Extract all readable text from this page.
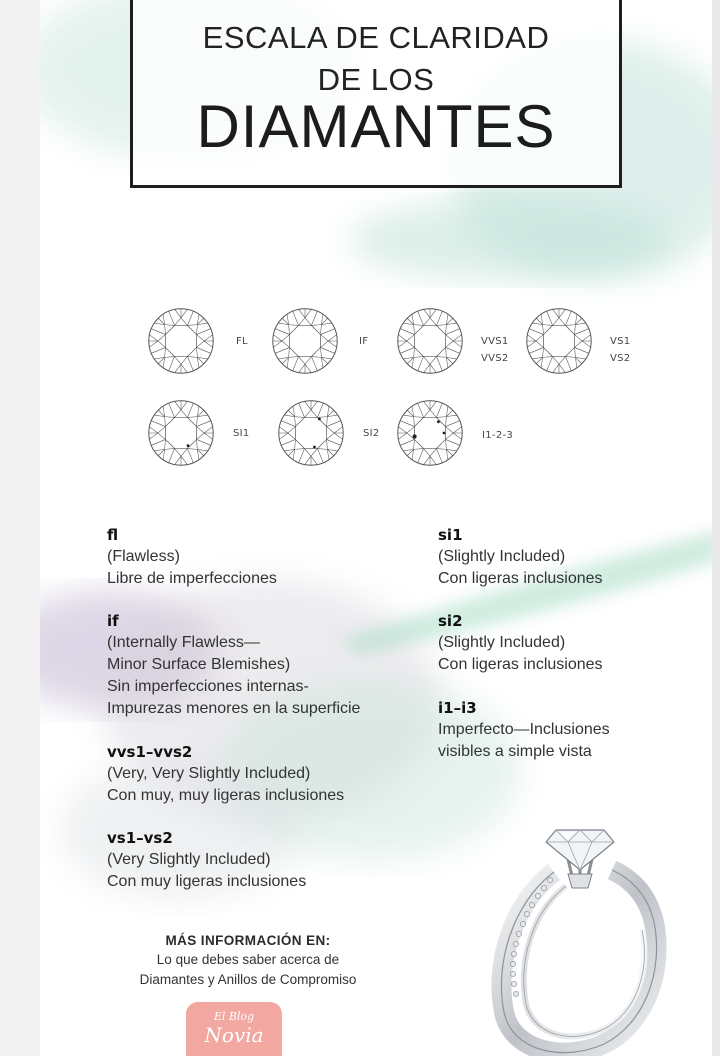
ESCALA DE CLARIDAD
DE LOS
DIAMANTES
FL	IF	VVS1
VVS2
VS1
VS2
SI1	SI2	I1-2-3
fl
(Flawless)
Libre de imperfecciones
if
(Internally Flawless—
Minor Surface Blemishes)
Sin imperfecciones internas-
Impurezas menores en la superficie
vvs1–vvs2
(Very, Very Slightly Included)
Con muy, muy ligeras inclusiones
vs1–vs2
(Very Slightly Included)
Con muy ligeras inclusiones
si1
(Slightly Included)
Con ligeras inclusiones
si2
(Slightly Included)
Con ligeras inclusiones
i1–i3
Imperfecto—Inclusiones
visibles a simple vista
MÁS INFORMACIÓN EN:
Lo que debes saber acerca de
Diamantes y Anillos de Compromiso
El Blog
Novia
